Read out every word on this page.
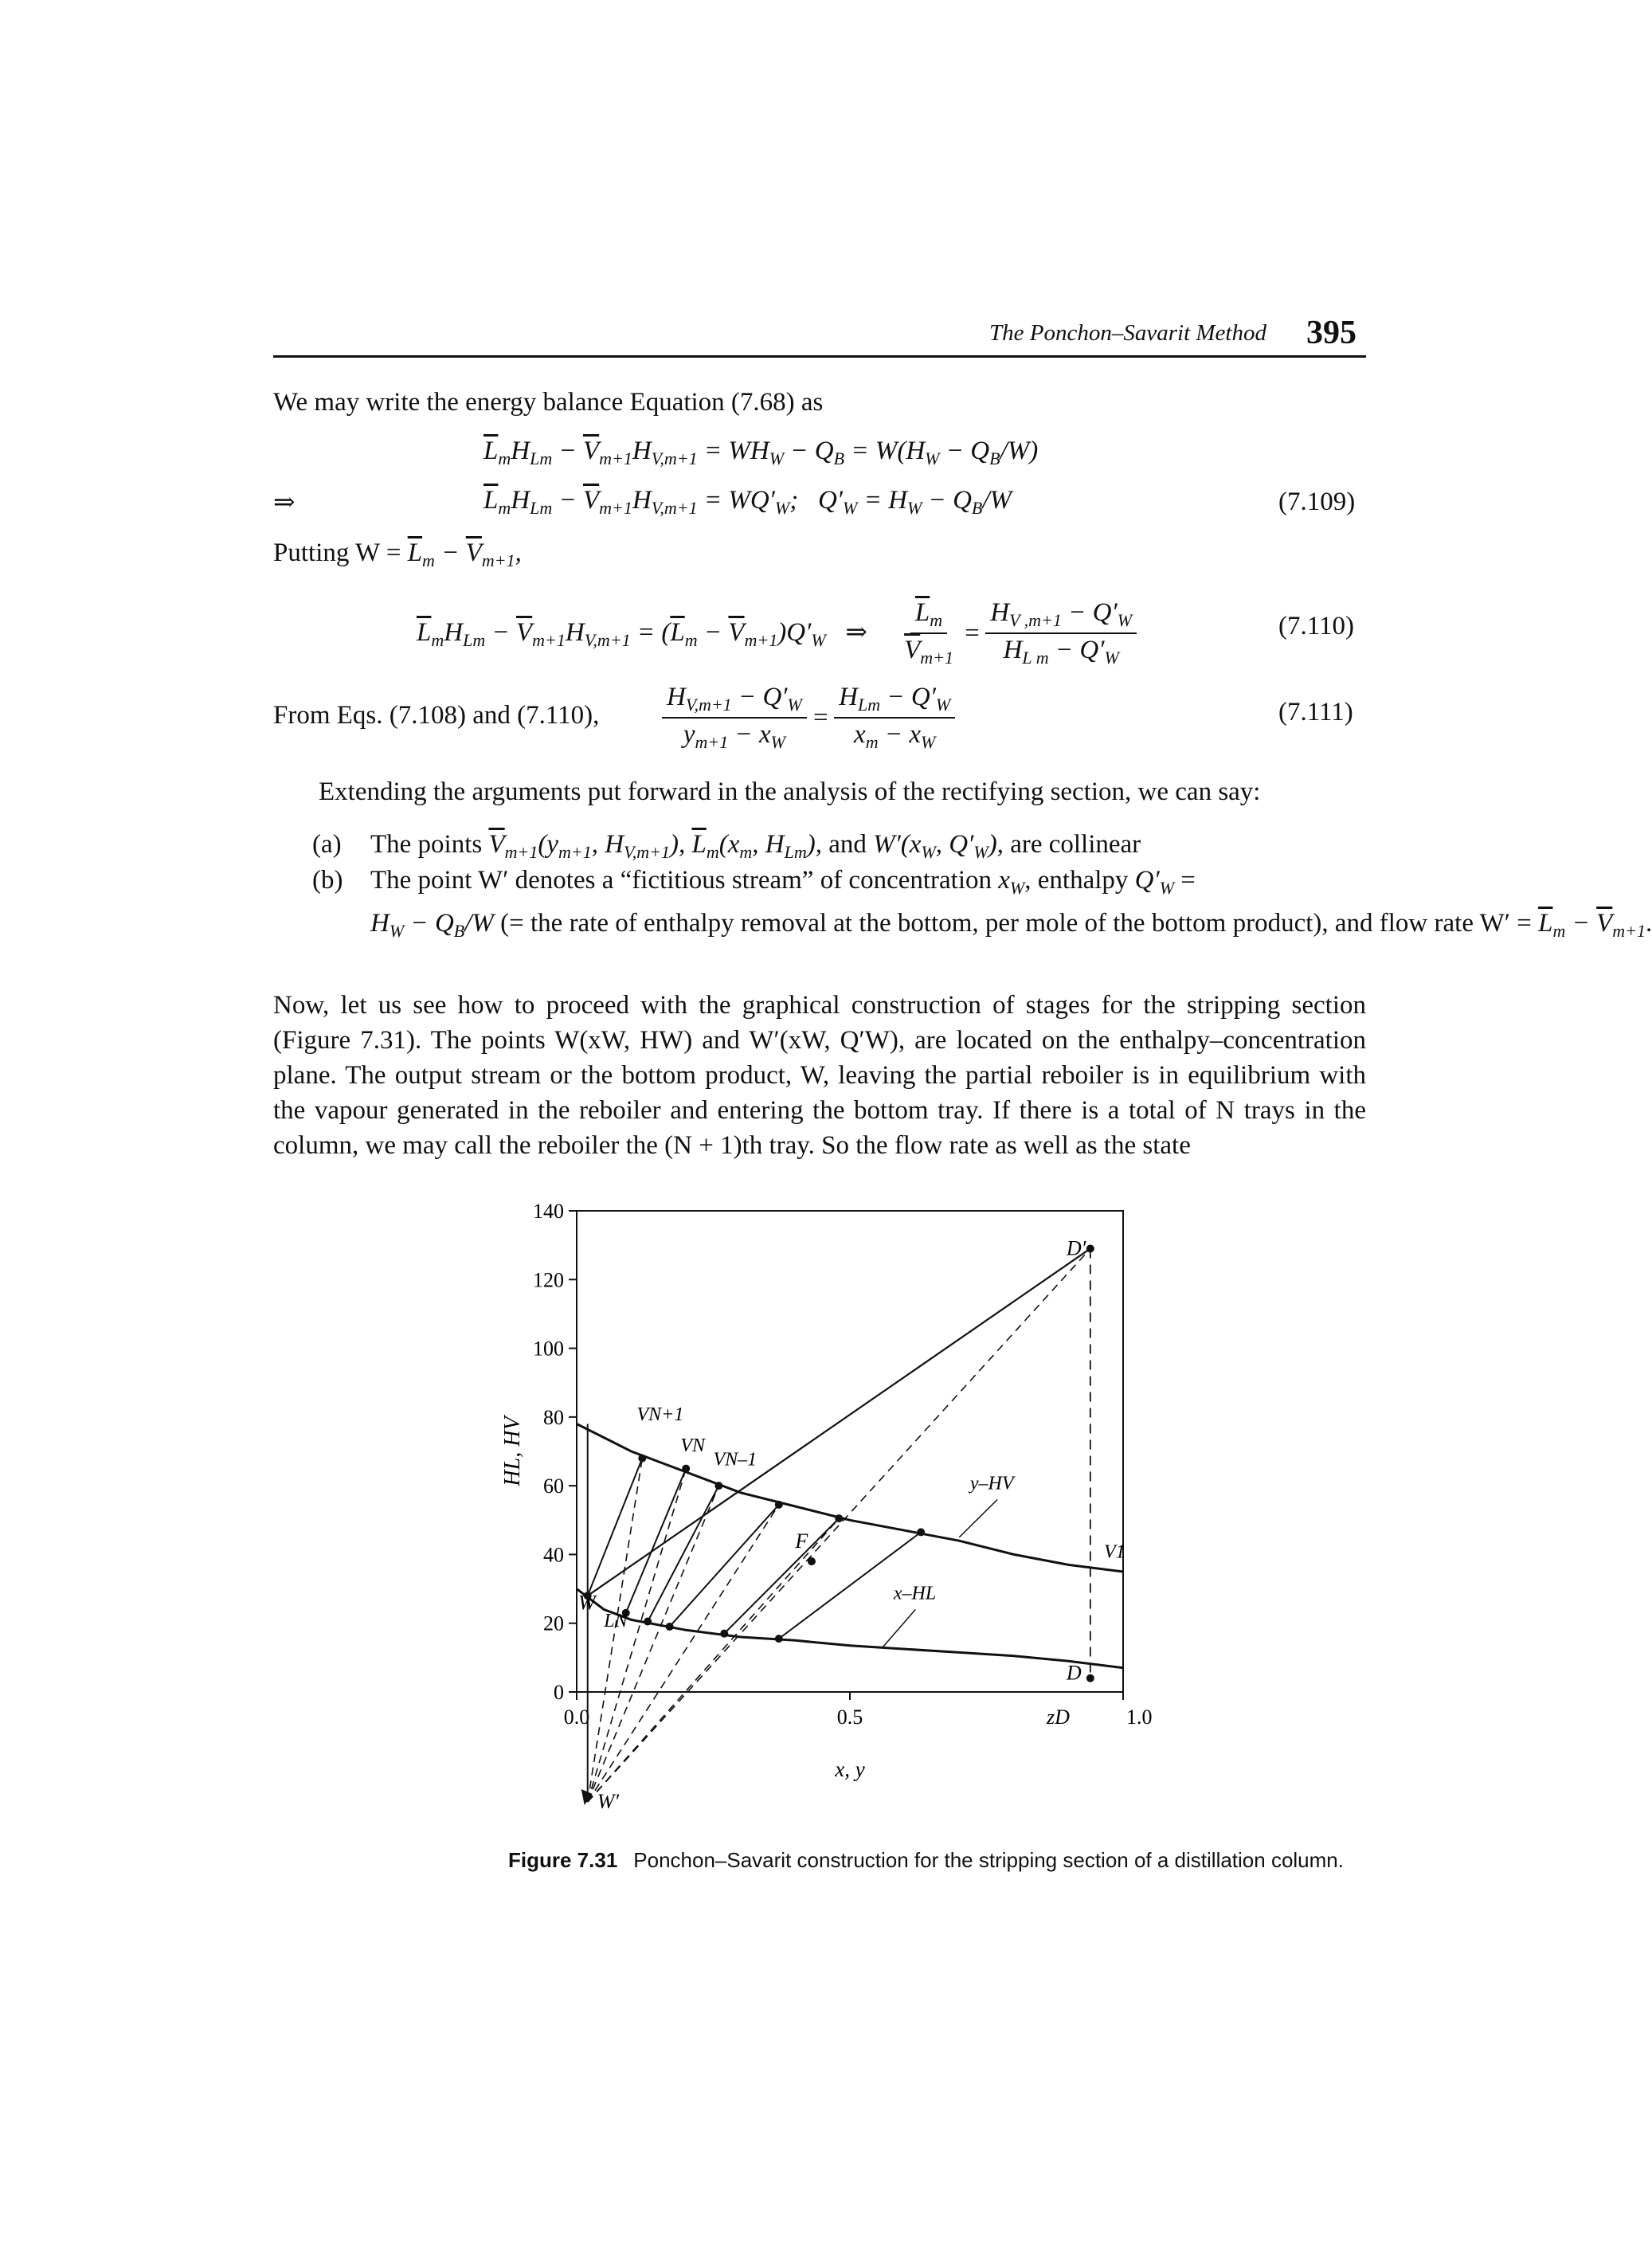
The Ponchon–Savarit Method 395
We may write the energy balance Equation (7.68) as
$\overline{L}_mH_{Lm} - \overline{V}_{m+1}H_{V,m+1} = WH_W - Q_B = W(H_W - Q_B/W)$
⇒	$\overline{L}_mH_{Lm} - \overline{V}_{m+1}H_{V,m+1} = WQ'_W$;   $Q'_W = H_W - Q_B/W$	(7.109)
Putting $W = \overline{L}_m - \overline{V}_{m+1}$,
$\overline{L}_mH_{Lm} - \overline{V}_{m+1}H_{V,m+1} = (\overline{L}_m - \overline{V}_{m+1})Q'_W$   ⇒ $\frac{\overline{L}_m}{\overline{V}_{m+1}} = \frac{H_{V ,m+1} - Q'_W}{H_{L m} - Q'_W}$	(7.110)
From Eqs. (7.108) and (7.110), $\frac{H_{V,m+1} - Q'_W}{y_{m+1} - x_W} = \frac{H_{Lm} - Q'_W}{x_m - x_W}$	(7.111)
Extending the arguments put forward in the analysis of the rectifying section, we can say:
(a) The points $\overline{V}_{m+1}(y_{m+1}$, $H_{V,m+1}$), $\overline{L}_m(x_m$, $H_{Lm}$), and $W'(x_W$, $Q'_W$), are collinear
(b) The point W′ denotes a “fictitious stream” of concentration $x_W$, enthalpy $Q'_W$ =
$H_W - Q_B/W$ (= the rate of enthalpy removal at the bottom, per mole of the bottom product), and flow rate $W' = \overline{L}_m - \overline{V}_{m+1}$.
Now, let us see how to proceed with the graphical construction of stages for the stripping section (Figure 7.31). The points W(xW, HW) and W′(xW, Q′W), are located on the enthalpy–concentration plane. The output stream or the bottom product, W, leaving the partial reboiler is in equilibrium with the vapour generated in the reboiler and entering the bottom tray. If there is a total of N trays in the column, we may call the reboiler the (N + 1)th tray. So the flow rate as well as the state
0
20
40
60
80
100
120
140
0.0	0.5	1.0
x, y
HL, HV
VN+1
VN
VN–1
F
W
LN
W′
D′
D
zD
V1
y–HV
x–HL
Figure 7.31 Ponchon–Savarit construction for the stripping section of a distillation column.
